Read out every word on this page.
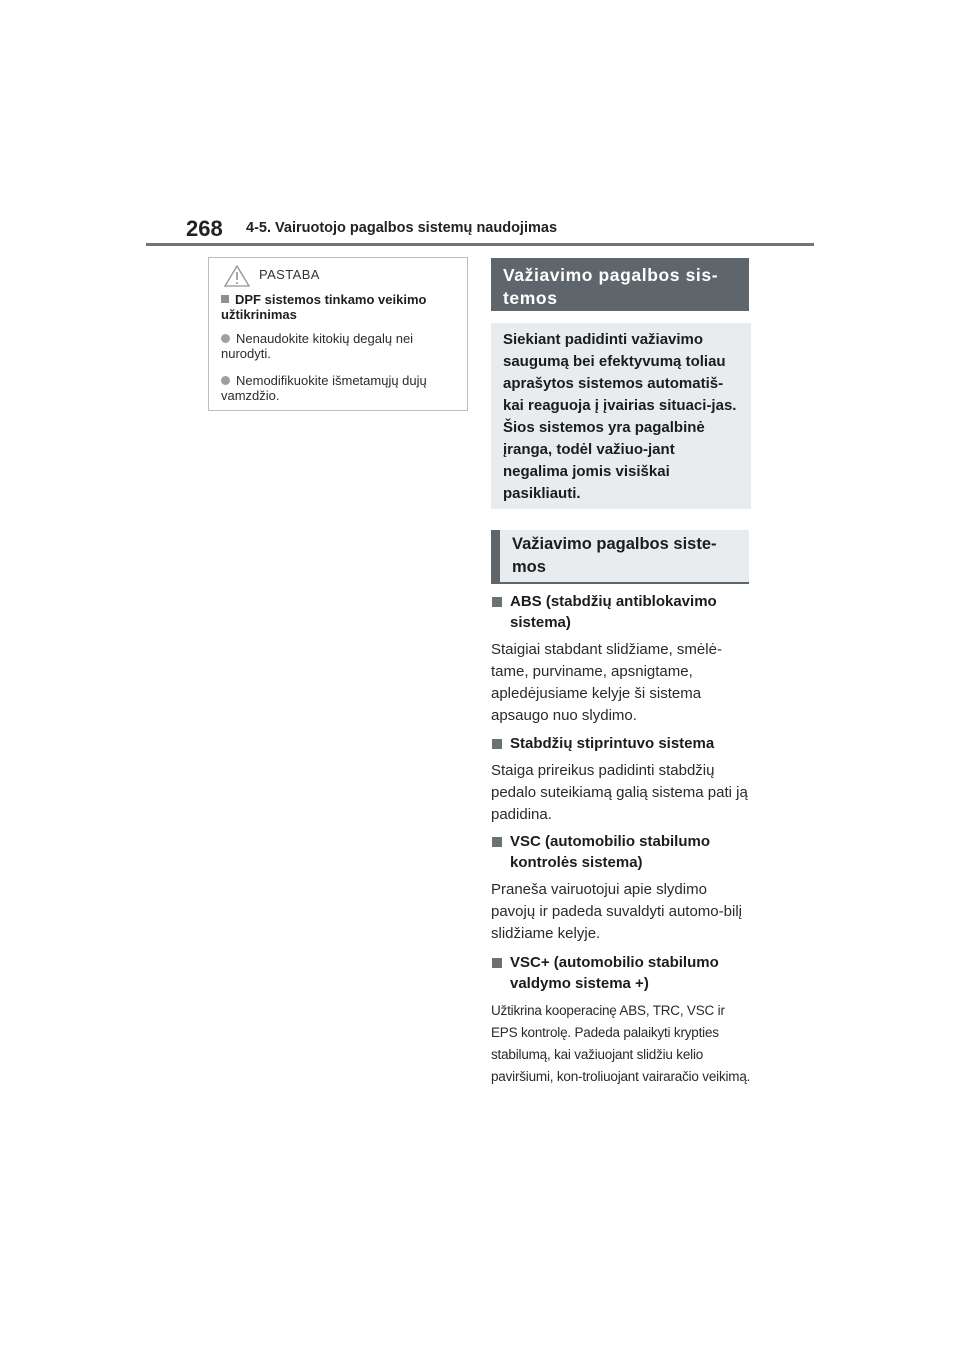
268 4-5. Vairuotojo pagalbos sistemų naudojimas
PASTABA
DPF sistemos tinkamo veikimo užtikrinimas
Nenaudokite kitokių degalų nei nurodyti.
Nemodifikuokite išmetamųjų dujų vamzdžio.
Važiavimo pagalbos sis-
temos
Siekiant padidinti važiavimo saugumą bei efektyvumą toliau aprašytos sistemos automatiš-kai reaguoja į įvairias situaci-jas. Šios sistemos yra pagalbinė įranga, todėl važiuo-jant negalima jomis visiškai pasikliauti.
Važiavimo pagalbos siste-mos
ABS (stabdžių antiblokavimo sistema)
Staigiai stabdant slidžiame, smėlė-tame, purviname, apsnigtame, apledėjusiame kelyje ši sistema apsaugo nuo slydimo.
Stabdžių stiprintuvo sistema
Staiga prireikus padidinti stabdžių pedalo suteikiamą galią sistema pati ją padidina.
VSC (automobilio stabilumo kontrolės sistema)
Praneša vairuotojui apie slydimo pavojų ir padeda suvaldyti automo-bilį slidžiame kelyje.
VSC+ (automobilio stabilumo valdymo sistema +)
Užtikrina kooperacinę ABS, TRC, VSC ir EPS kontrolę. Padeda palaikyti krypties stabilumą, kai važiuojant slidžiu kelio paviršiumi, kon-troliuojant vairaračio veikimą.
